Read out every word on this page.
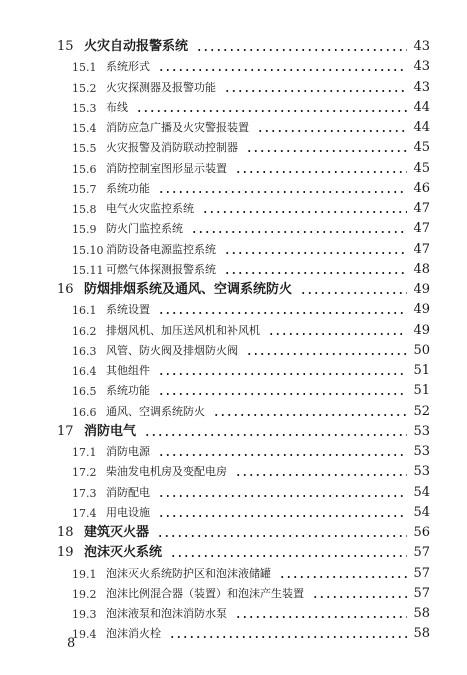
15 火灾自动报警系统	43
15.1 系统形式	43
15.2 火灾探测器及报警功能	43
15.3 布线	44
15.4 消防应急广播及火灾警报装置	44
15.5 火灾报警及消防联动控制器	45
15.6 消防控制室图形显示装置	45
15.7 系统功能	46
15.8 电气火灾监控系统	47
15.9 防火门监控系统	47
15.10 消防设备电源监控系统	47
15.11 可燃气体探测报警系统	48
16 防烟排烟系统及通风、空调系统防火	49
16.1 系统设置	49
16.2 排烟风机、加压送风机和补风机	49
16.3 风管、防火阀及排烟防火阀	50
16.4 其他组件	51
16.5 系统功能	51
16.6 通风、空调系统防火	52
17 消防电气	53
17.1 消防电源	53
17.2 柴油发电机房及变配电房	53
17.3 消防配电	54
17.4 用电设施	54
18 建筑灭火器	56
19 泡沫灭火系统	57
19.1 泡沫灭火系统防护区和泡沫液储罐	57
19.2 泡沫比例混合器（装置）和泡沫产生装置	57
19.3 泡沫液泵和泡沫消防水泵	58
19.4 泡沫消火栓	58
8
